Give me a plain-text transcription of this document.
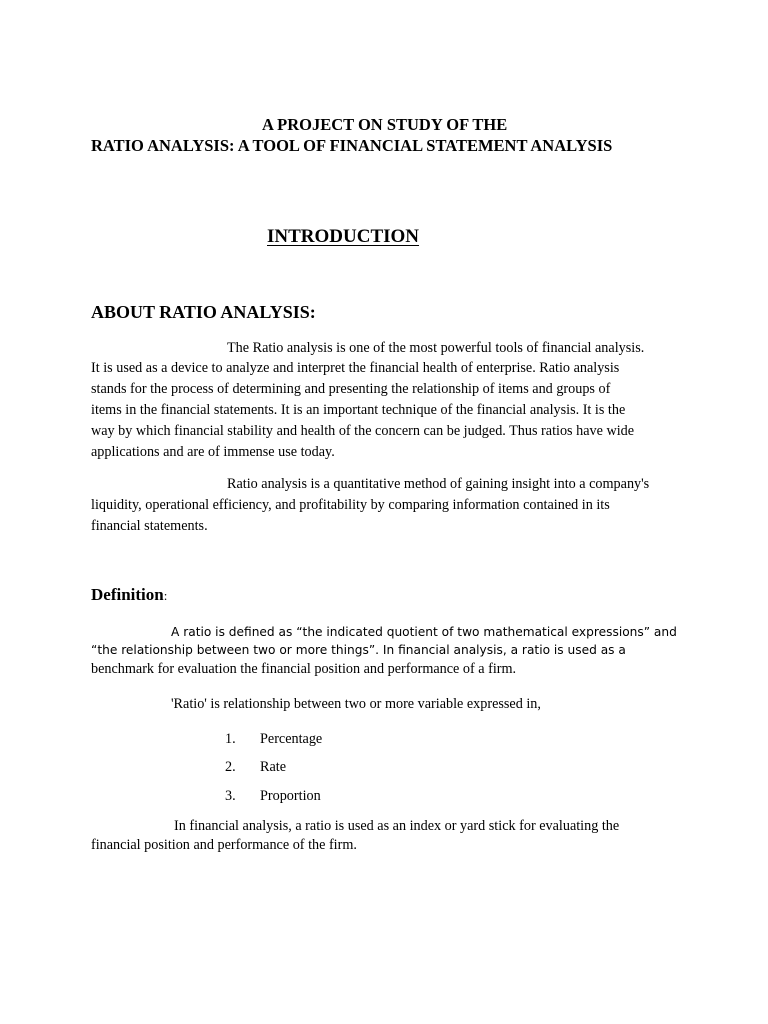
A PROJECT ON STUDY OF THE
RATIO ANALYSIS: A TOOL OF FINANCIAL STATEMENT ANALYSIS
INTRODUCTION
ABOUT RATIO ANALYSIS:
The Ratio analysis is one of the most powerful tools of financial analysis.
It is used as a device to analyze and interpret the financial health of enterprise. Ratio analysis
stands for the process of determining and presenting the relationship of items and groups of
items in the financial statements. It is an important technique of the financial analysis. It is the
way by which financial stability and health of the concern can be judged. Thus ratios have wide
applications and are of immense use today.
Ratio analysis is a quantitative method of gaining insight into a company's
liquidity, operational efficiency, and profitability by comparing information contained in its
financial statements.
Definition:
A ratio is defined as “the indicated quotient of two mathematical expressions” and
“the relationship between two or more things”. In financial analysis, a ratio is used as a
benchmark for evaluation the financial position and performance of a firm.
'Ratio' is relationship between two or more variable expressed in,
1. Percentage
2. Rate
3. Proportion
In financial analysis, a ratio is used as an index or yard stick for evaluating the
financial position and performance of the firm.
